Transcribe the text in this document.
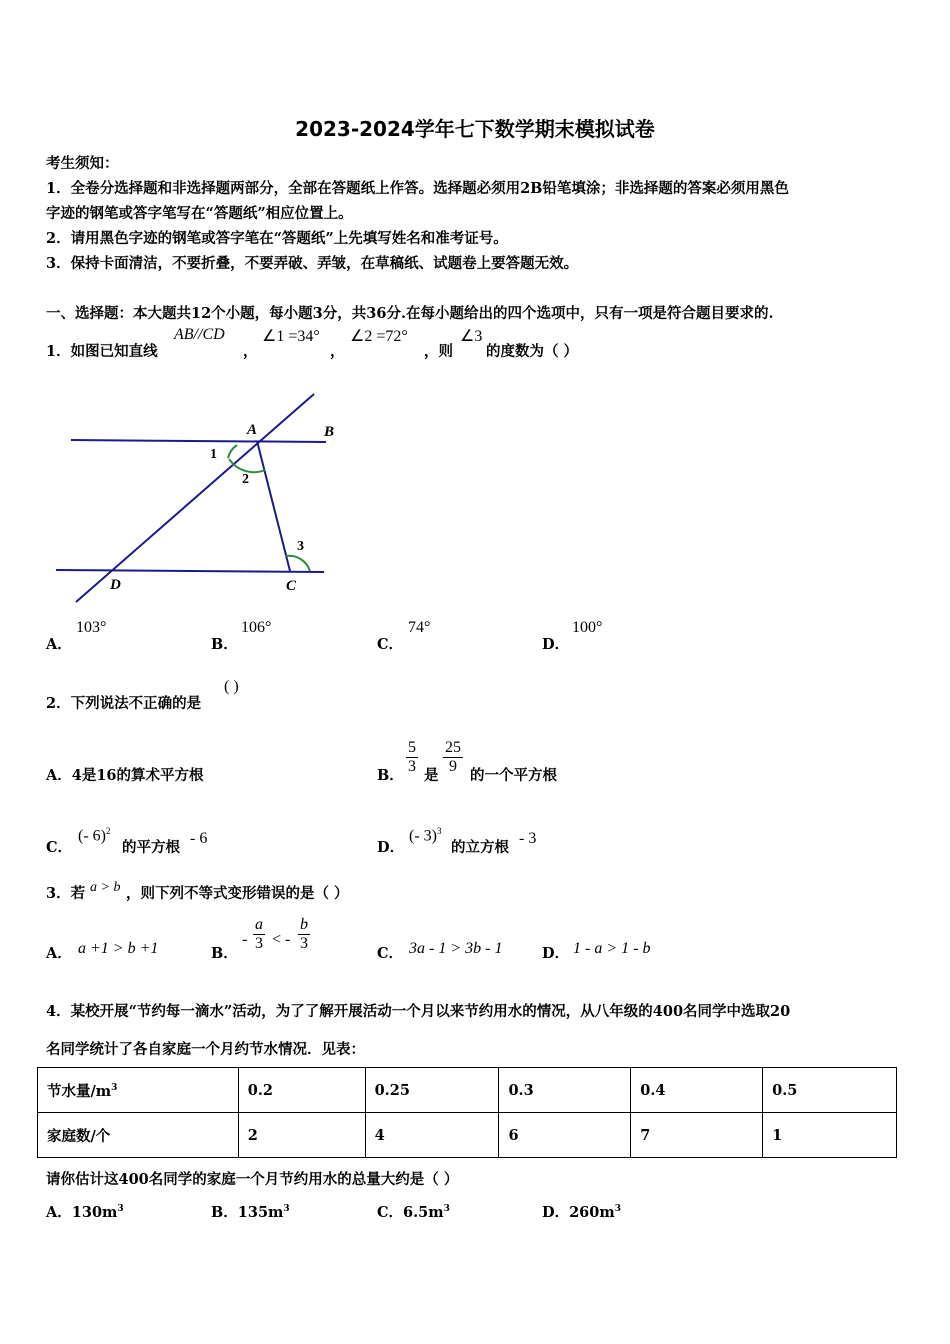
2023-2024学年七下数学期末模拟试卷
考生须知：
1．全卷分选择题和非选择题两部分，全部在答题纸上作答。选择题必须用2B铅笔填涂；非选择题的答案必须用黑色
字迹的钢笔或答字笔写在“答题纸”相应位置上。
2．请用黑色字迹的钢笔或答字笔在“答题纸”上先填写姓名和准考证号。
3．保持卡面清洁，不要折叠，不要弄破、弄皱，在草稿纸、试题卷上要答题无效。
一、选择题：本大题共12个小题，每小题3分，共36分.在每小题给出的四个选项中，只有一项是符合题目要求的.
1．如图已知直线
AB//CD
，
∠1 =34°
，
∠2 =72°
，则
∠3
的度数为（ ）
A	B
C
D
1
2
3
A．
103°
B．
106°
C．
74°
D．
100°
2．下列说法不正确的是
( )
A．4是16的算术平方根	B． $\frac{5}{3}$ 是 $\frac{25}{9}$ 的一个平方根
C．
(- 6)$^2$
的平方根
- 6
D．
(- 3)$^3$
的立方根
- 3
3．若 a > b ，则下列不等式变形错误的是（ ）
A． a +1 > b +1	B．
- $\frac{a}{3}$ < - $\frac{b}{3}$
C． 3a - 1 > 3b - 1	D． 1 - a > 1 - b
4．某校开展“节约每一滴水”活动，为了了解开展活动一个月以来节约用水的情况，从八年级的400名同学中选取20
名同学统计了各自家庭一个月约节水情况．见表：
节水量$/m^3$	0.2	0.25	0.3	0.4	0.5
家庭数/个	2	4	6	7	1
请你估计这400名同学的家庭一个月节约用水的总量大约是（ ）
A．$130m^3$	B．$135m^3$	C．$6.5m^3$	D．$260m^3$
